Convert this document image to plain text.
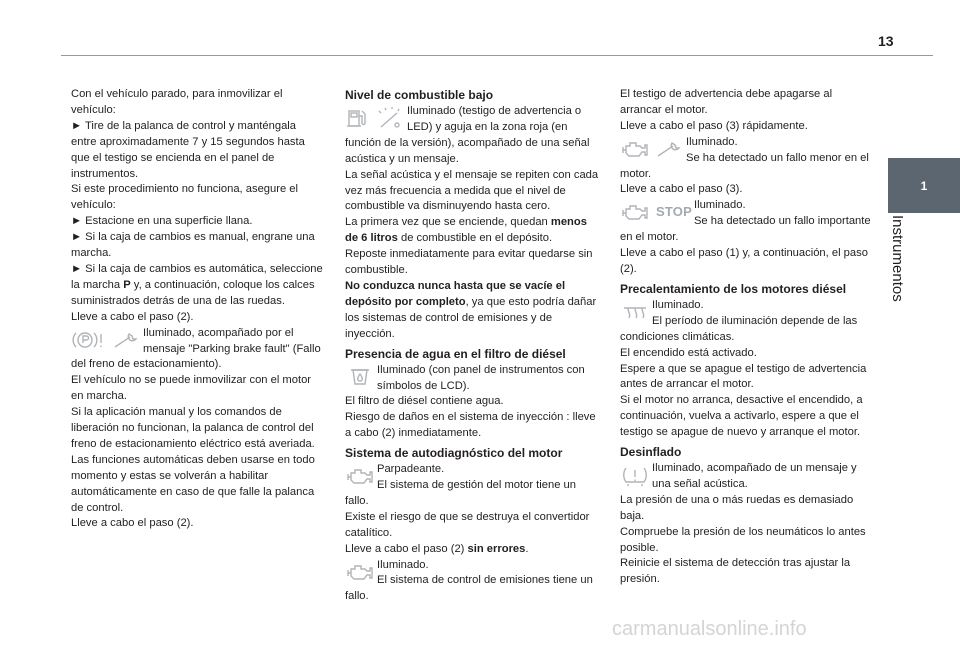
13
1
Instrumentos

Con el vehículo parado, para inmovilizar el vehículo:

► Tire de la palanca de control y manténgala entre aproximadamente 7 y 15 segundos hasta que el testigo se encienda en el panel de instrumentos.

Si este procedimiento no funciona, asegure el vehículo:

► Estacione en una superficie llana.

► Si la caja de cambios es manual, engrane una marcha.

► Si la caja de cambios es automática, seleccione la marcha P y, a continuación, coloque los calces suministrados detrás de una de las ruedas.

Lleve a cabo el paso (2).

Iluminado, acompañado por el mensaje "Parking brake fault" (Fallo del freno de estacionamiento).

El vehículo no se puede inmovilizar con el motor en marcha.

Si la aplicación manual y los comandos de liberación no funcionan, la palanca de control del freno de estacionamiento eléctrico está averiada.

Las funciones automáticas deben usarse en todo momento y estas se volverán a habilitar automáticamente en caso de que falle la palanca de control.

Lleve a cabo el paso (2).

Nivel de combustible bajo

Iluminado (testigo de advertencia o LED) y aguja en la zona roja (en función de la versión), acompañado de una señal acústica y un mensaje.

La señal acústica y el mensaje se repiten con cada vez más frecuencia a medida que el nivel de combustible va disminuyendo hasta cero.

La primera vez que se enciende, quedan menos de 6 litros de combustible en el depósito.

Reposte inmediatamente para evitar quedarse sin combustible.

No conduzca nunca hasta que se vacíe el depósito por completo, ya que esto podría dañar los sistemas de control de emisiones y de inyección.

Presencia de agua en el filtro de diésel

Iluminado (con panel de instrumentos con símbolos de LCD).

El filtro de diésel contiene agua.

Riesgo de daños en el sistema de inyección : lleve a cabo (2) inmediatamente.

Sistema de autodiagnóstico del motor

Parpadeante.

El sistema de gestión del motor tiene un fallo.

Existe el riesgo de que se destruya el convertidor catalítico.

Lleve a cabo el paso (2) sin errores.

Iluminado.

El sistema de control de emisiones tiene un fallo.

El testigo de advertencia debe apagarse al arrancar el motor.

Lleve a cabo el paso (3) rápidamente.

Iluminado.

Se ha detectado un fallo menor en el motor.

Lleve a cabo el paso (3).

STOP Iluminado.

Se ha detectado un fallo importante en el motor.

Lleve a cabo el paso (1) y, a continuación, el paso (2).

Precalentamiento de los motores diésel

Iluminado.

El período de iluminación depende de las condiciones climáticas.

El encendido está activado.

Espere a que se apague el testigo de advertencia antes de arrancar el motor.

Si el motor no arranca, desactive el encendido, a continuación, vuelva a activarlo, espere a que el testigo se apague de nuevo y arranque el motor.

Desinflado

Iluminado, acompañado de un mensaje y una señal acústica.

La presión de una o más ruedas es demasiado baja.

Compruebe la presión de los neumáticos lo antes posible.

Reinicie el sistema de detección tras ajustar la presión.

carmanualsonline.info
